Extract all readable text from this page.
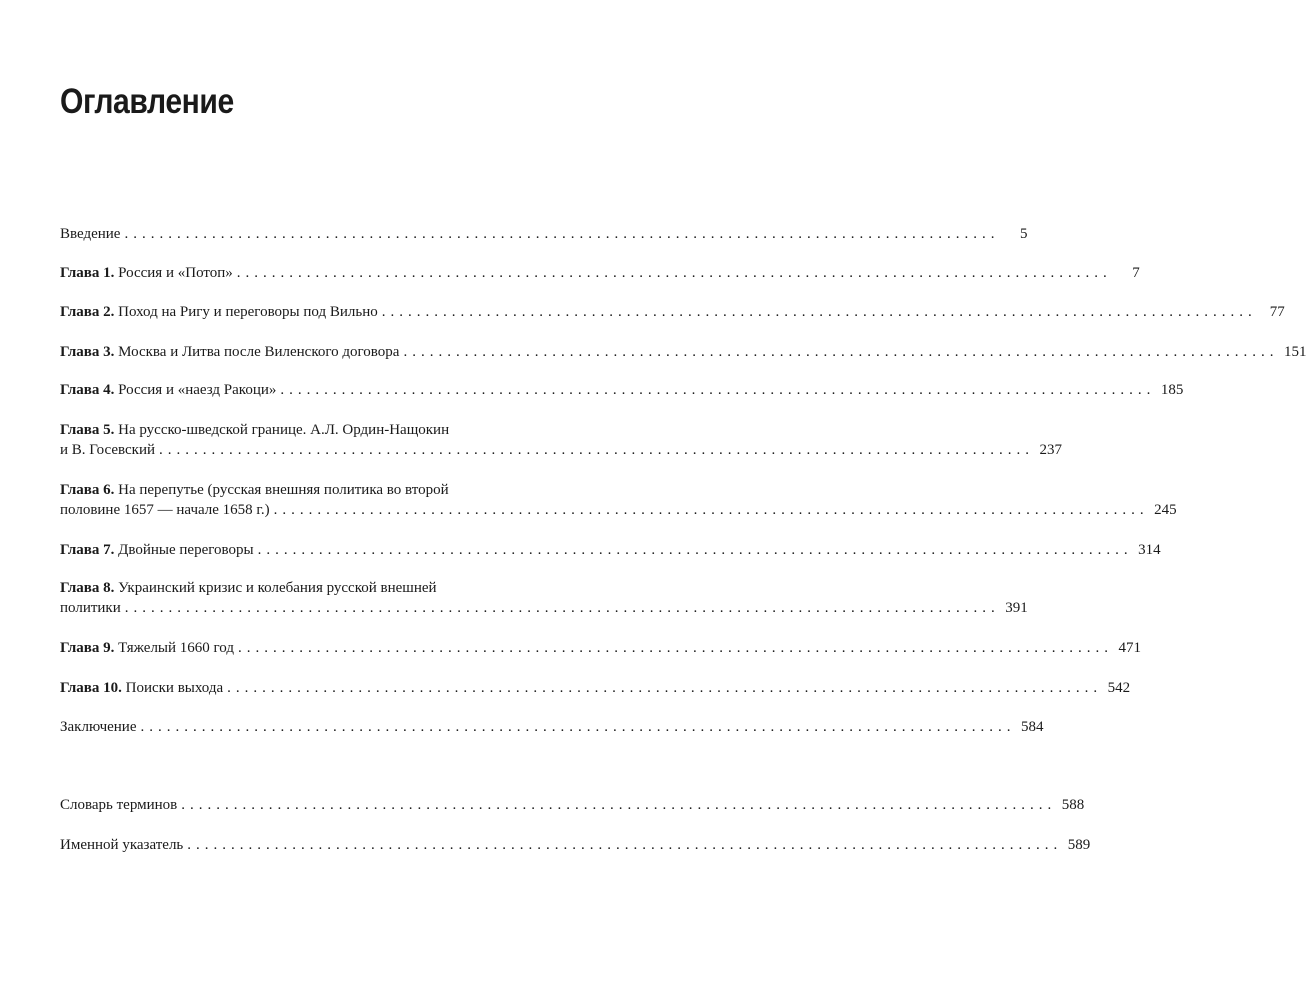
Оглавление
Введение ....................................................................................................	5
Глава 1. Россия и «Потоп» ....................................................................................................	7
Глава 2. Поход на Ригу и переговоры под Вильно .................................................................................................... 77
Глава 3. Москва и Литва после Виленского договора .................................................................................................... 151
Глава 4. Россия и «наезд Ракоци» .................................................................................................... 185
Глава 5. На русско-шведской границе. А.Л. Ордин-Нащокин
и В. Госевский .................................................................................................... 237
Глава 6. На перепутье (русская внешняя политика во второй
половине 1657 — начале 1658 г.) .................................................................................................... 245
Глава 7. Двойные переговоры .................................................................................................... 314
Глава 8. Украинский кризис и колебания русской внешней
политики .................................................................................................... 391
Глава 9. Тяжелый 1660 год .................................................................................................... 471
Глава 10. Поиски выхода .................................................................................................... 542
Заключение .................................................................................................... 584
Словарь терминов .................................................................................................... 588
Именной указатель .................................................................................................... 589
